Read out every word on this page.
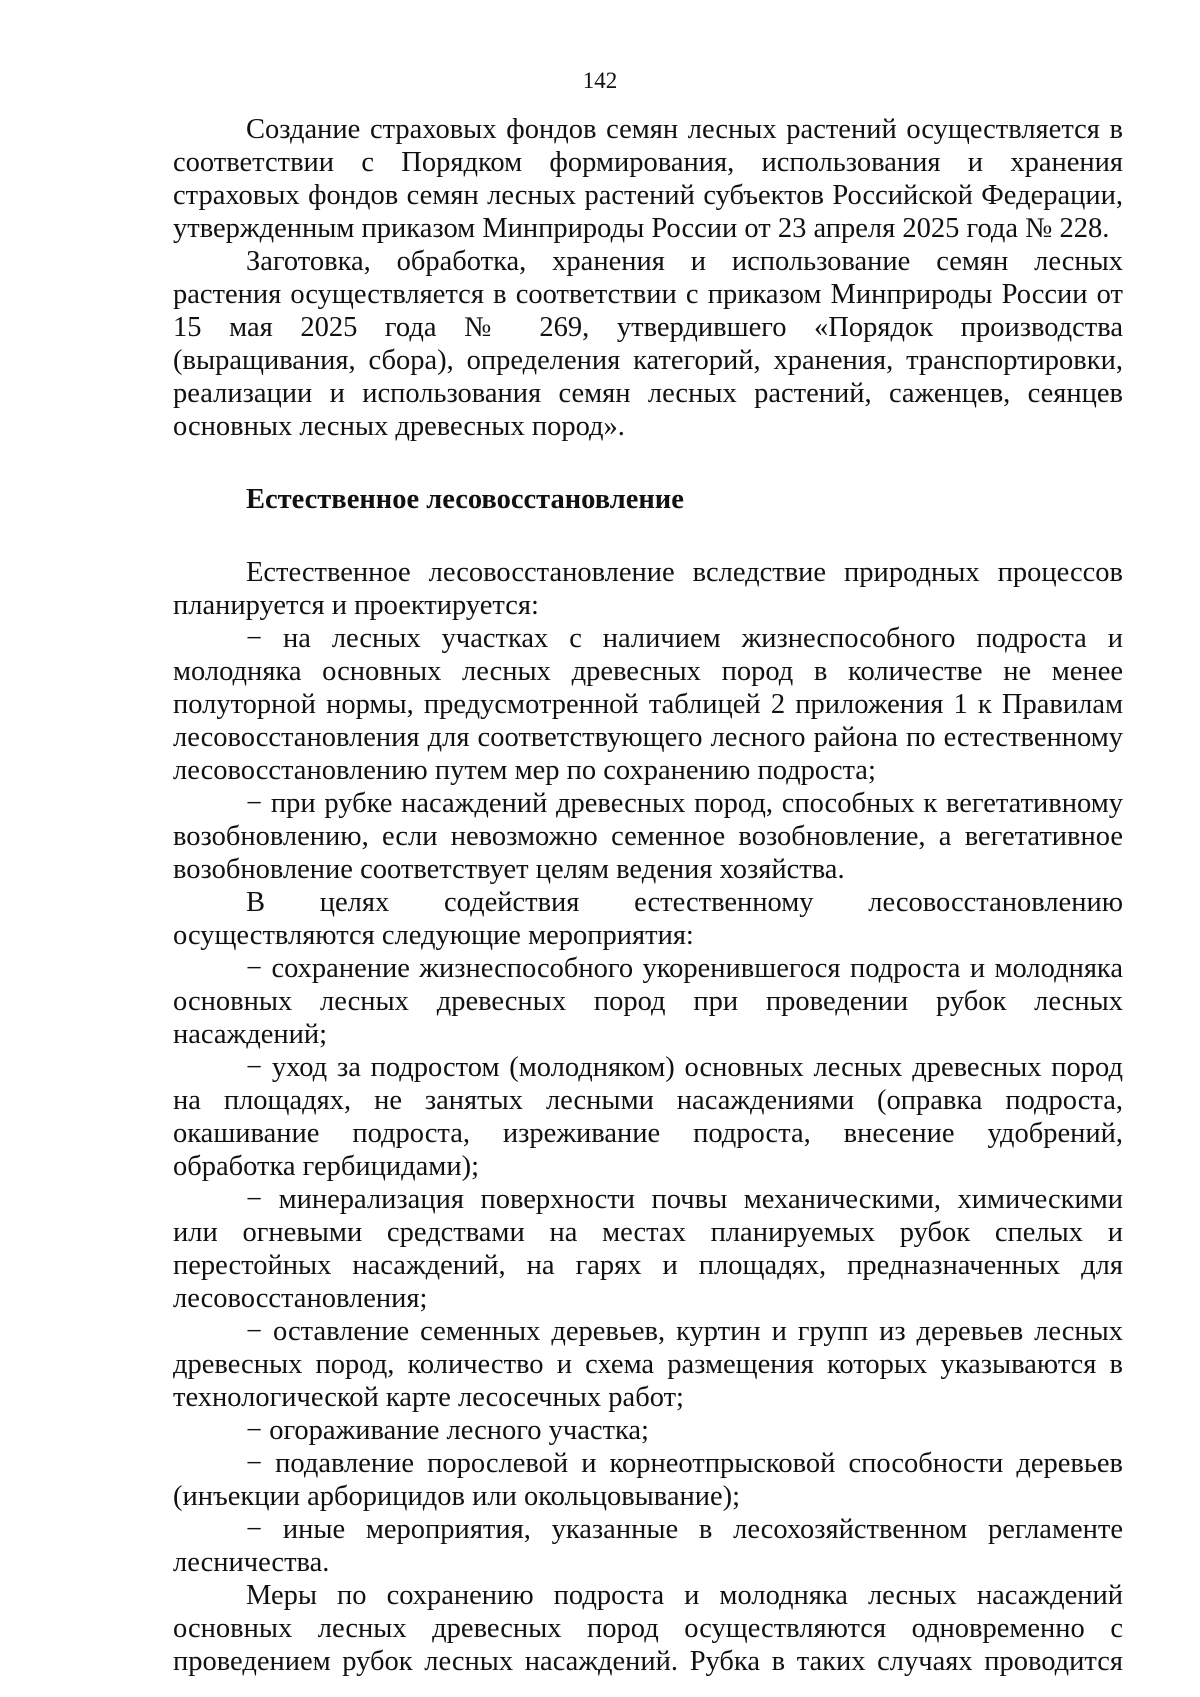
142

Создание страховых фондов семян лесных растений осуществляется в соответствии с Порядком формирования, использования и хранения страховых фондов семян лесных растений субъектов Российской Федерации, утвержденным приказом Минприроды России от 23 апреля 2025 года № 228.

Заготовка, обработка, хранения и использование семян лесных растения осуществляется в соответствии с приказом Минприроды России от 15 мая 2025 года № 269, утвердившего «Порядок производства (выращивания, сбора), определения категорий, хранения, транспортировки, реализации и использования семян лесных растений, саженцев, сеянцев основных лесных древесных пород».

Естественное лесовосстановление

Естественное лесовосстановление вследствие природных процессов планируется и проектируется:

− на лесных участках с наличием жизнеспособного подроста и молодняка основных лесных древесных пород в количестве не менее полуторной нормы, предусмотренной таблицей 2 приложения 1 к Правилам лесовосстановления для соответствующего лесного района по естественному лесовосстановлению путем мер по сохранению подроста;

− при рубке насаждений древесных пород, способных к вегетативному возобновлению, если невозможно семенное возобновление, а вегетативное возобновление соответствует целям ведения хозяйства.

В целях содействия естественному лесовосстановлению осуществляются следующие мероприятия:

− сохранение жизнеспособного укоренившегося подроста и молодняка основных лесных древесных пород при проведении рубок лесных насаждений;

− уход за подростом (молодняком) основных лесных древесных пород на площадях, не занятых лесными насаждениями (оправка подроста, окашивание подроста, изреживание подроста, внесение удобрений, обработка гербицидами);

− минерализация поверхности почвы механическими, химическими или огневыми средствами на местах планируемых рубок спелых и перестойных насаждений, на гарях и площадях, предназначенных для лесовосстановления;

− оставление семенных деревьев, куртин и групп из деревьев лесных древесных пород, количество и схема размещения которых указываются в технологической карте лесосечных работ;

− огораживание лесного участка;

− подавление порослевой и корнеотпрысковой способности деревьев (инъекции арборицидов или окольцовывание);

− иные мероприятия, указанные в лесохозяйственном регламенте лесничества.

Меры по сохранению подроста и молодняка лесных насаждений основных лесных древесных пород осуществляются одновременно с проведением рубок лесных насаждений. Рубка в таких случаях проводится
